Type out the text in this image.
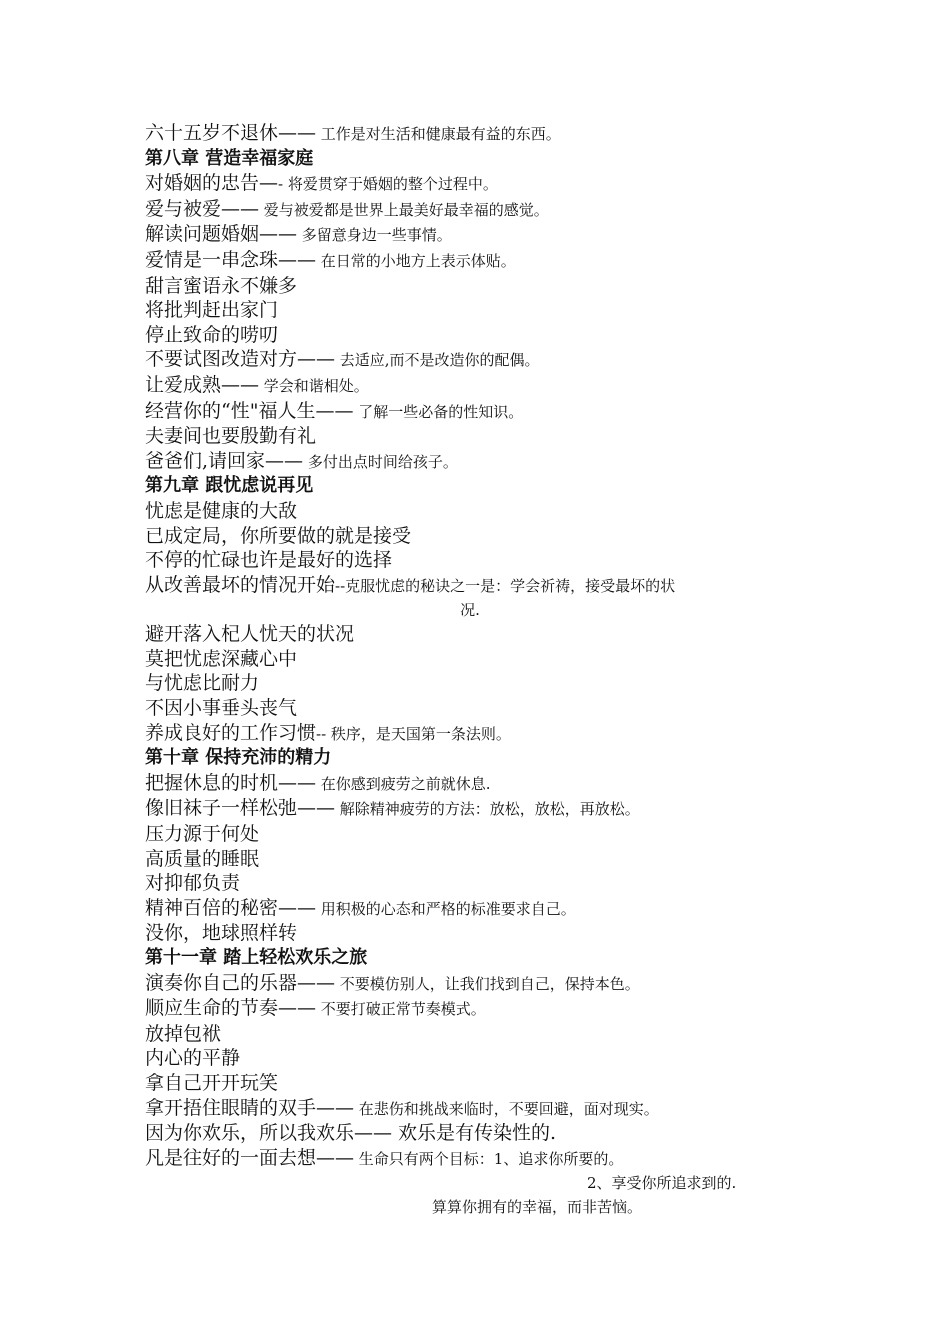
六十五岁不退休—— 工作是对生活和健康最有益的东西。
第八章 营造幸福家庭
对婚姻的忠告—- 将爱贯穿于婚姻的整个过程中。
爱与被爱—— 爱与被爱都是世界上最美好最幸福的感觉。
解读问题婚姻—— 多留意身边一些事情。
爱情是一串念珠—— 在日常的小地方上表示体贴。
甜言蜜语永不嫌多
将批判赶出家门
停止致命的唠叨
不要试图改造对方—— 去适应,而不是改造你的配偶。
让爱成熟—— 学会和谐相处。
经营你的“性"福人生—— 了解一些必备的性知识。
夫妻间也要殷勤有礼
爸爸们,请回家—— 多付出点时间给孩子。
第九章 跟忧虑说再见
忧虑是健康的大敌
已成定局，你所要做的就是接受
不停的忙碌也许是最好的选择
从改善最坏的情况开始--克服忧虑的秘诀之一是：学会祈祷，接受最坏的状
况.
避开落入杞人忧天的状况
莫把忧虑深藏心中
与忧虑比耐力
不因小事垂头丧气
养成良好的工作习惯-- 秩序，是天国第一条法则。
第十章 保持充沛的精力
把握休息的时机—— 在你感到疲劳之前就休息.
像旧袜子一样松弛—— 解除精神疲劳的方法：放松，放松，再放松。
压力源于何处
高质量的睡眠
对抑郁负责
精神百倍的秘密—— 用积极的心态和严格的标准要求自己。
没你，地球照样转
第十一章 踏上轻松欢乐之旅
演奏你自己的乐器—— 不要模仿别人，让我们找到自己，保持本色。
顺应生命的节奏—— 不要打破正常节奏模式。
放掉包袱
内心的平静
拿自己开开玩笑
拿开捂住眼睛的双手—— 在悲伤和挑战来临时，不要回避，面对现实。
因为你欢乐，所以我欢乐—— 欢乐是有传染性的.
凡是往好的一面去想—— 生命只有两个目标：1、追求你所要的。
2、享受你所追求到的.
算算你拥有的幸福，而非苦恼。
